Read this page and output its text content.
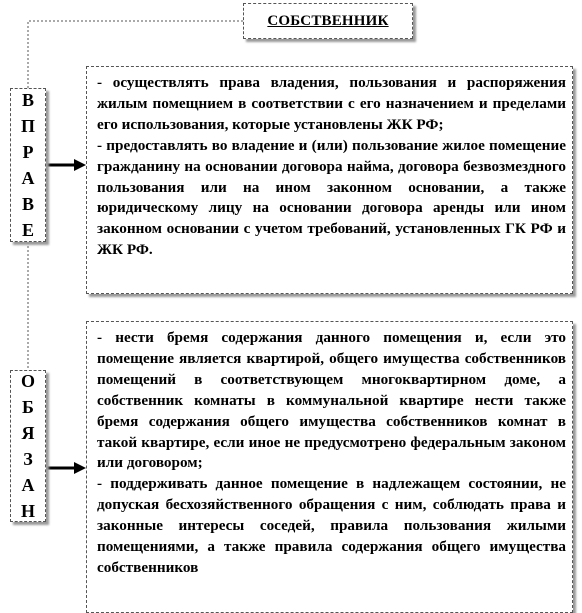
СОБСТВЕННИК
В
П
Р
А
В
Е
О
Б
Я
З
А
Н

- осуществлять права владения, пользования и распоряжения жилым помещнием в соответствии с его назначением и пределами его использования, которые установлены ЖК РФ;

- предоставлять во владение и (или) пользование жилое помещение гражданину на основании договора найма, договора безвозмездного пользования или на ином законном основании, а также юридическому лицу на основании договора аренды или ином законном основании с учетом требований, установленных ГК РФ и ЖК РФ.

- нести бремя содержания данного помещения и, если это помещение является квартирой, общего имущества собственников помещений в соответствующем многоквартирном доме, а собственник комнаты в коммунальной квартире нести также бремя содержания общего имущества собственников комнат в такой квартире, если иное не предусмотрено федеральным законом или договором;

- поддерживать данное помещение в надлежащем состоянии, не допуская бесхозяйственного обращения с ним, соблюдать права и законные интересы соседей, правила пользования жилыми помещениями, а также правила содержания общего имущества собственников
